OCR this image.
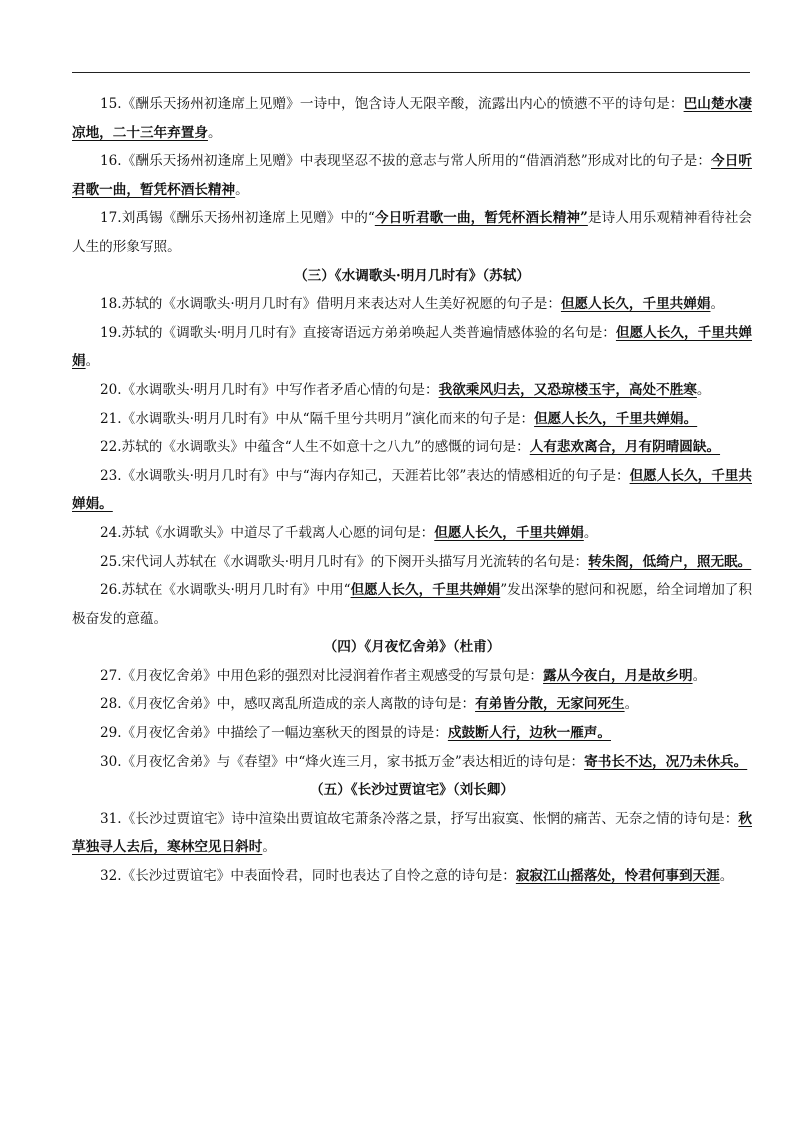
15.《酬乐天扬州初逢席上见赠》一诗中，饱含诗人无限辛酸，流露出内心的愤懑不平的诗句是：巴山楚水凄凉地，二十三年弃置身。

16.《酬乐天扬州初逢席上见赠》中表现坚忍不拔的意志与常人所用的“借酒消愁”形成对比的句子是：今日听君歌一曲，暂凭杯酒长精神。

17.刘禹锡《酬乐天扬州初逢席上见赠》中的“今日听君歌一曲，暂凭杯酒长精神”是诗人用乐观精神看待社会人生的形象写照。

（三）《水调歌头·明月几时有》（苏轼）

18.苏轼的《水调歌头·明月几时有》借明月来表达对人生美好祝愿的句子是：但愿人长久，千里共婵娟。

19.苏轼的《调歌头·明月几时有》直接寄语远方弟弟唤起人类普遍情感体验的名句是：但愿人长久，千里共婵娟。

20.《水调歌头·明月几时有》中写作者矛盾心情的句是：我欲乘风归去，又恐琼楼玉宇，高处不胜寒。

21.《水调歌头·明月几时有》中从“隔千里兮共明月”演化而来的句子是：但愿人长久，千里共婵娟。

22.苏轼的《水调歌头》中蕴含“人生不如意十之八九”的感慨的词句是：人有悲欢离合，月有阴晴圆缺。

23.《水调歌头·明月几时有》中与“海内存知己，天涯若比邻”表达的情感相近的句子是：但愿人长久，千里共婵娟。

24.苏轼《水调歌头》中道尽了千载离人心愿的词句是：但愿人长久，千里共婵娟。

25.宋代词人苏轼在《水调歌头·明月几时有》的下阕开头描写月光流转的名句是：转朱阁，低绮户，照无眠。

26.苏轼在《水调歌头·明月几时有》中用“但愿人长久，千里共婵娟”发出深挚的慰问和祝愿，给全词增加了积极奋发的意蕴。

（四）《月夜忆舍弟》（杜甫）

27.《月夜忆舍弟》中用色彩的强烈对比浸润着作者主观感受的写景句是：露从今夜白，月是故乡明。

28.《月夜忆舍弟》中，感叹离乱所造成的亲人离散的诗句是：有弟皆分散，无家问死生。

29.《月夜忆舍弟》中描绘了一幅边塞秋天的图景的诗是：戍鼓断人行，边秋一雁声。

30.《月夜忆舍弟》与《春望》中“烽火连三月，家书抵万金”表达相近的诗句是：寄书长不达，况乃未休兵。

（五）《长沙过贾谊宅》（刘长卿）

31.《长沙过贾谊宅》诗中渲染出贾谊故宅萧条冷落之景，抒写出寂寞、怅惘的痛苦、无奈之情的诗句是：秋草独寻人去后，寒林空见日斜时。

32.《长沙过贾谊宅》中表面怜君，同时也表达了自怜之意的诗句是：寂寂江山摇落处，怜君何事到天涯。
